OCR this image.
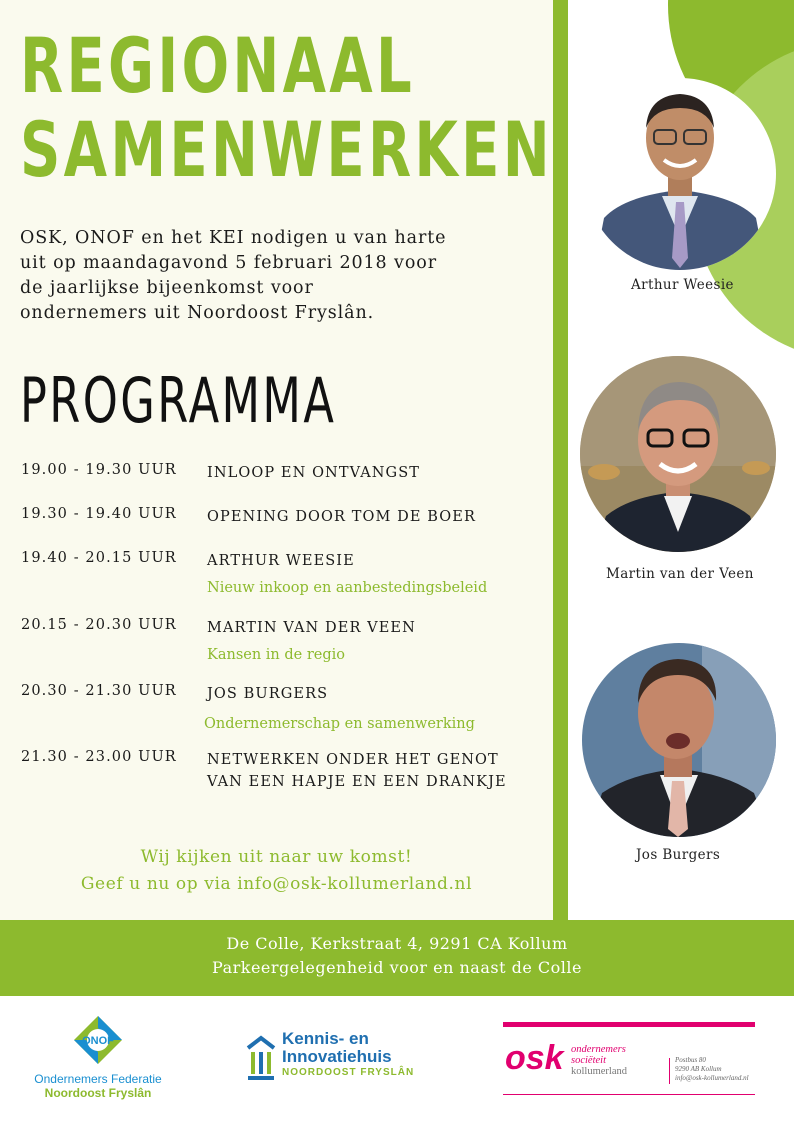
REGIONAAL
SAMENWERKEN
OSK, ONOF en het KEI nodigen u van harte
uit op maandagavond 5 februari 2018 voor
de jaarlijkse bijeenkomst voor
ondernemers uit Noordoost Fryslân.
PROGRAMMA
19.00 - 19.30 UUR INLOOP EN ONTVANGST
19.30 - 19.40 UUR OPENING DOOR TOM DE BOER
19.40 - 20.15 UUR ARTHUR WEESIE
Nieuw inkoop en aanbestedingsbeleid
20.15 - 20.30 UUR MARTIN VAN DER VEEN
Kansen in de regio
20.30 - 21.30 UUR JOS BURGERS
Ondernemerschap en samenwerking
21.30 - 23.00 UUR NETWERKEN ONDER HET GENOT
VAN EEN HAPJE EN EEN DRANKJE
Wij kijken uit naar uw komst!
Geef u nu op via info@osk-kollumerland.nl
Arthur Weesie
Martin van der Veen
Jos Burgers
De Colle, Kerkstraat 4, 9291 CA Kollum
Parkeergelegenheid voor en naast de Colle
ONOF
Ondernemers Federatie
Noordoost Fryslân
Kennis- en
Innovatiehuis
NOORDOOST FRYSLÂN	osk ondernemers
sociëteit
kollumerland
Postbus 80
9290 AB Kollum
info@osk-kollumerland.nl
